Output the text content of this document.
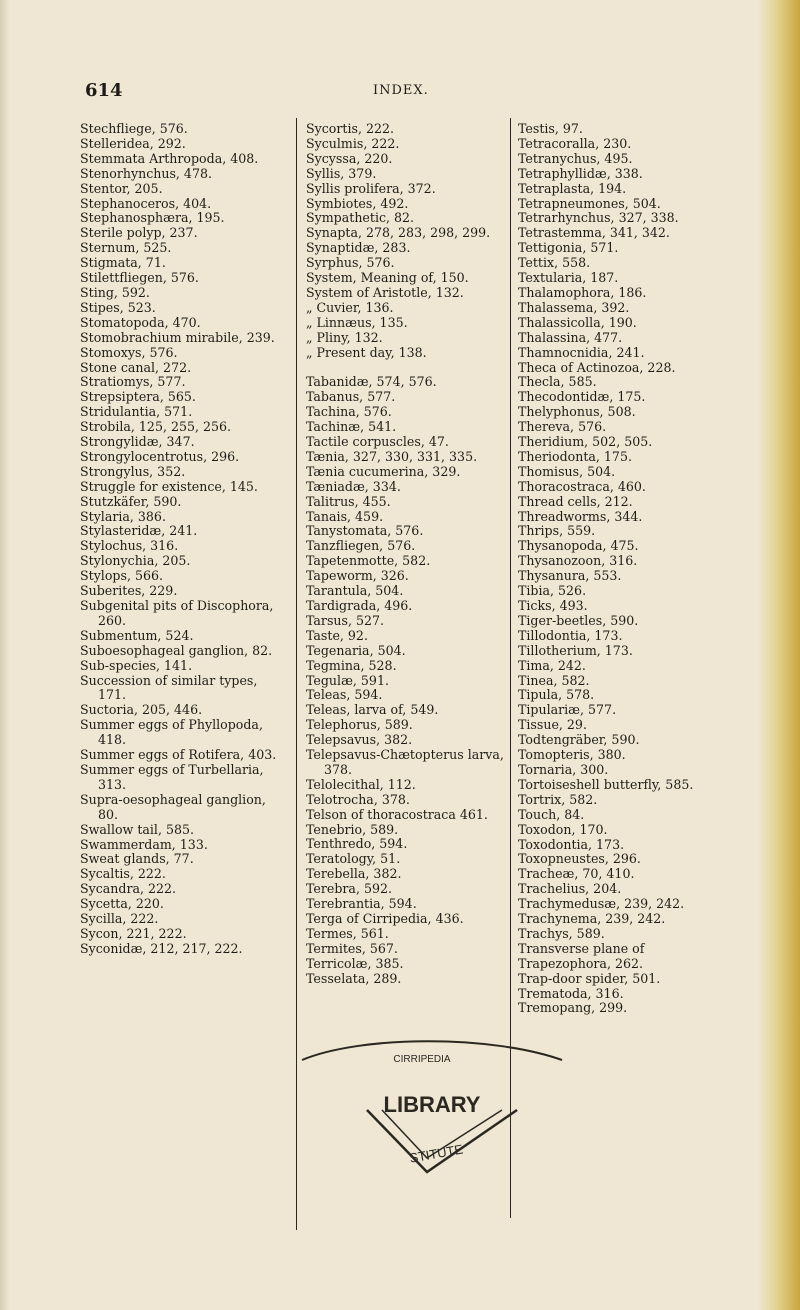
614	INDEX.
Stechfliege, 576.
Stelleridea, 292.
Stemmata Arthropoda, 408.
Stenorhynchus, 478.
Stentor, 205.
Stephanoceros, 404.
Stephanosphæra, 195.
Sterile polyp, 237.
Sternum, 525.
Stigmata, 71.
Stilettfliegen, 576.
Sting, 592.
Stipes, 523.
Stomatopoda, 470.
Stomobrachium mirabile, 239.
Stomoxys, 576.
Stone canal, 272.
Stratiomys, 577.
Strepsiptera, 565.
Stridulantia, 571.
Strobila, 125, 255, 256.
Strongylidæ, 347.
Strongylocentrotus, 296.
Strongylus, 352.
Struggle for existence, 145.
Stutzkäfer, 590.
Stylaria, 386.
Stylasteridæ, 241.
Stylochus, 316.
Stylonychia, 205.
Stylops, 566.
Suberites, 229.
Subgenital pits of Discophora, 260.
Submentum, 524.
Suboesophageal ganglion, 82.
Sub-species, 141.
Succession of similar types, 171.
Suctoria, 205, 446.
Summer eggs of Phyllopoda, 418.
Summer eggs of Rotifera, 403.
Summer eggs of Turbellaria, 313.
Supra-oesophageal ganglion, 80.
Swallow tail, 585.
Swammerdam, 133.
Sweat glands, 77.
Sycaltis, 222.
Sycandra, 222.
Sycetta, 220.
Sycilla, 222.
Sycon, 221, 222.
Syconidæ, 212, 217, 222.
Sycortis, 222.
Syculmis, 222.
Sycyssa, 220.
Syllis, 379.
Syllis prolifera, 372.
Symbiotes, 492.
Sympathetic, 82.
Synapta, 278, 283, 298, 299.
Synaptidæ, 283.
Syrphus, 576.
System, Meaning of, 150.
System of Aristotle, 132.
„ Cuvier, 136.
„ Linnæus, 135.
„ Pliny, 132.
„ Present day, 138.
Tabanidæ, 574, 576.
Tabanus, 577.
Tachina, 576.
Tachinæ, 541.
Tactile corpuscles, 47.
Tænia, 327, 330, 331, 335.
Tænia cucumerina, 329.
Tæniadæ, 334.
Talitrus, 455.
Tanais, 459.
Tanystomata, 576.
Tanzfliegen, 576.
Tapetenmotte, 582.
Tapeworm, 326.
Tarantula, 504.
Tardigrada, 496.
Tarsus, 527.
Taste, 92.
Tegenaria, 504.
Tegmina, 528.
Tegulæ, 591.
Teleas, 594.
Teleas, larva of, 549.
Telephorus, 589.
Telepsavus, 382.
Telepsavus-Chætopterus larva, 378.
Telolecithal, 112.
Telotrocha, 378.
Telson of thoracostraca 461.
Tenebrio, 589.
Tenthredo, 594.
Teratology, 51.
Terebella, 382.
Terebra, 592.
Terebrantia, 594.
Terga of Cirripedia, 436.
Termes, 561.
Termites, 567.
Terricolæ, 385.
Tesselata, 289.
Testis, 97.
Tetracoralla, 230.
Tetranychus, 495.
Tetraphyllidæ, 338.
Tetraplasta, 194.
Tetrapneumones, 504.
Tetrarhynchus, 327, 338.
Tetrastemma, 341, 342.
Tettigonia, 571.
Tettix, 558.
Textularia, 187.
Thalamophora, 186.
Thalassema, 392.
Thalassicolla, 190.
Thalassina, 477.
Thamnocnidia, 241.
Theca of Actinozoa, 228.
Thecla, 585.
Thecodontidæ, 175.
Thelyphonus, 508.
Therevа, 576.
Theridium, 502, 505.
Theriodonta, 175.
Thomisus, 504.
Thoracostraca, 460.
Thread cells, 212.
Threadworms, 344.
Thrips, 559.
Thysanopoda, 475.
Thysanozoon, 316.
Thysanura, 553.
Tibia, 526.
Ticks, 493.
Tiger-beetles, 590.
Tillodontia, 173.
Tillotherium, 173.
Tima, 242.
Tinea, 582.
Tipula, 578.
Tipulariæ, 577.
Tissue, 29.
Todtengräber, 590.
Tomopteris, 380.
Tornaria, 300.
Tortoiseshell butterfly, 585.
Tortrix, 582.
Touch, 84.
Toxodon, 170.
Toxodontia, 173.
Toxopneustes, 296.
Tracheæ, 70, 410.
Trachelius, 204.
Trachymedusæ, 239, 242.
Trachynema, 239, 242.
Trachys, 589.
Transverse plane of
Trapezophora, 262.
Trap-door spider, 501.
Trematoda, 316.
Tremopang, 299.
LIBRARY
STITUTE
CIRRIPEDIA
